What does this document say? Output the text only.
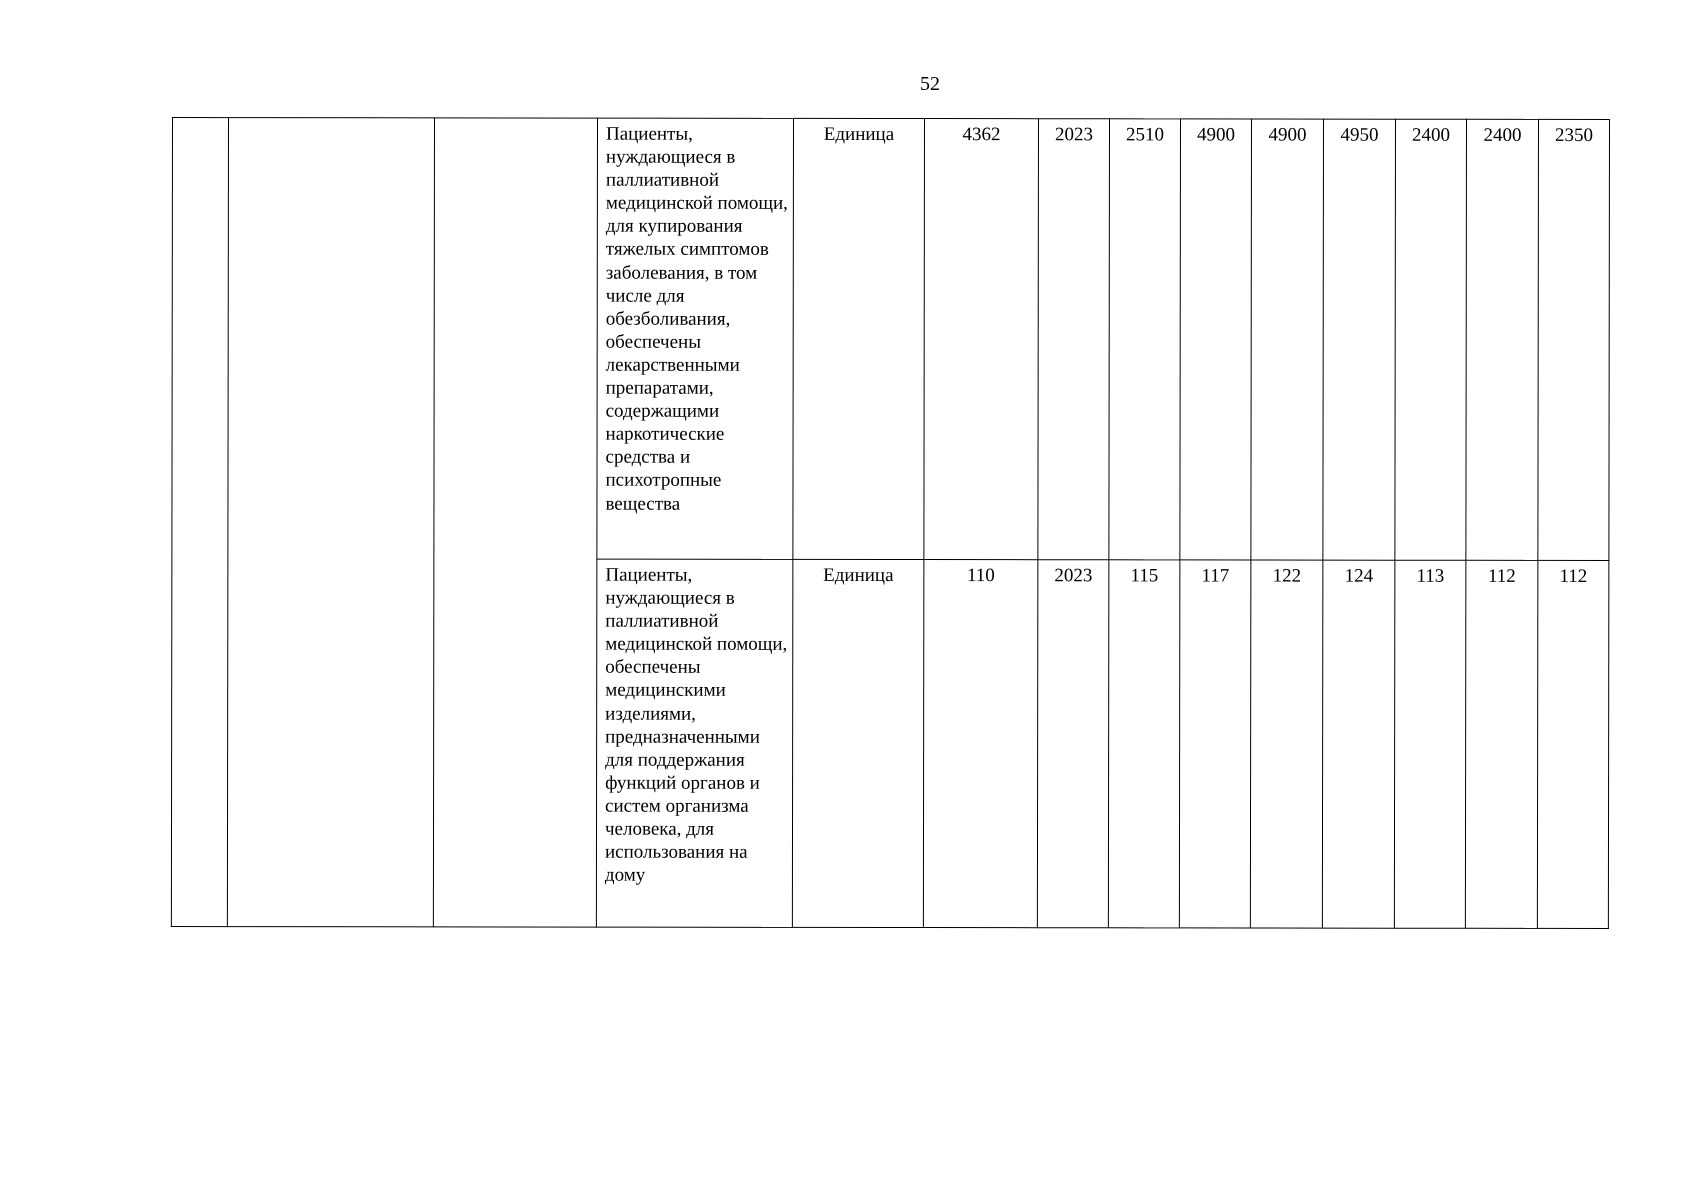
52
			Пациенты, нуждающиеся в паллиативной медицинской помощи, для купирования тяжелых симптомов заболевания, в том числе для обезболивания, обеспечены лекарственными препаратами, содержащими наркотические средства и психотропные вещества	Единица	4362	2023	2510	4900	4900	4950	2400	2400	2350
			Пациенты, нуждающиеся в паллиативной медицинской помощи, обеспечены медицинскими изделиями, предназначенными для поддержания функций органов и систем организма человека, для использования на дому	Единица	110	2023	115	117	122	124	113	112	112
